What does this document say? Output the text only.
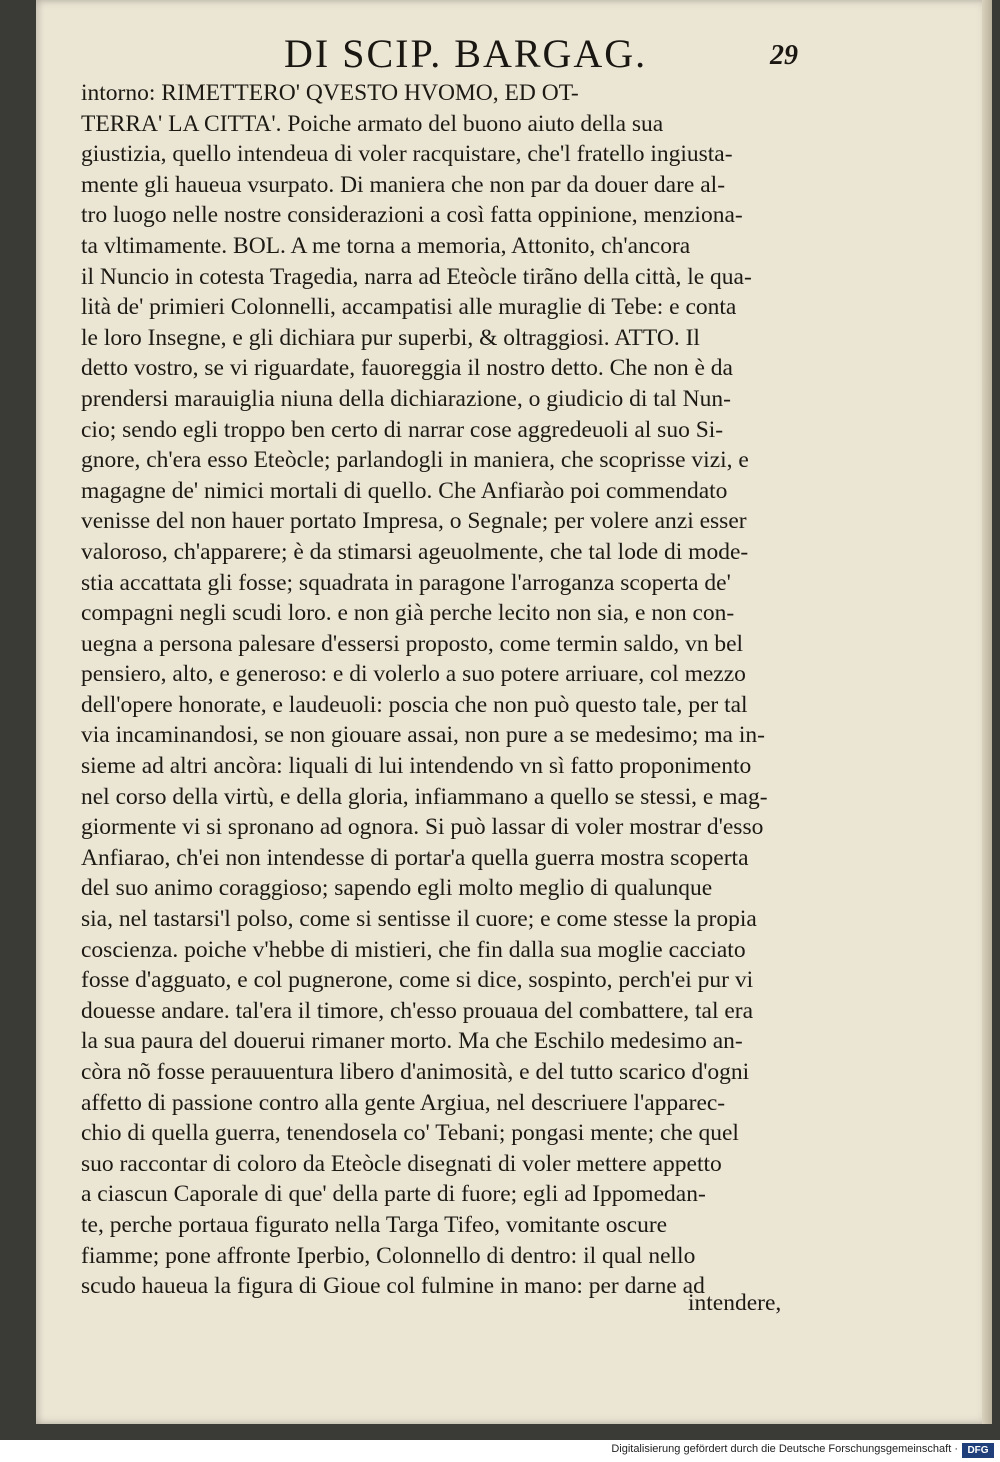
DI SCIP. BARGAG.	29
intorno: RIMETTERO' QVESTO HVOMO, ED OT-
TERRA' LA CITTA'. Poiche armato del buono aiuto della sua
giustizia, quello intendeua di voler racquistare, che'l fratello ingiusta-
mente gli haueua vsurpato. Di maniera che non par da douer dare al-
tro luogo nelle nostre considerazioni a così fatta oppinione, menziona-
ta vltimamente. BOL. A me torna a memoria, Attonito, ch'ancora
il Nuncio in cotesta Tragedia, narra ad Eteòcle tirãno della città, le qua-
lità de' primieri Colonnelli, accampatisi alle muraglie di Tebe: e conta
le loro Insegne, e gli dichiara pur superbi, & oltraggiosi. ATTO. Il
detto vostro, se vi riguardate, fauoreggia il nostro detto. Che non è da
prendersi marauiglia niuna della dichiarazione, o giudicio di tal Nun-
cio; sendo egli troppo ben certo di narrar cose aggredeuoli al suo Si-
gnore, ch'era esso Eteòcle; parlandogli in maniera, che scoprisse vizi, e
magagne de' nimici mortali di quello. Che Anfiarào poi commendato
venisse del non hauer portato Impresa, o Segnale; per volere anzi esser
valoroso, ch'apparere; è da stimarsi ageuolmente, che tal lode di mode-
stia accattata gli fosse; squadrata in paragone l'arroganza scoperta de'
compagni negli scudi loro. e non già perche lecito non sia, e non con-
uegna a persona palesare d'essersi proposto, come termin saldo, vn bel
pensiero, alto, e generoso: e di volerlo a suo potere arriuare, col mezzo
dell'opere honorate, e laudeuoli: poscia che non può questo tale, per tal
via incaminandosi, se non giouare assai, non pure a se medesimo; ma in-
sieme ad altri ancòra: liquali di lui intendendo vn sì fatto proponimento
nel corso della virtù, e della gloria, infiammano a quello se stessi, e mag-
giormente vi si spronano ad ognora. Si può lassar di voler mostrar d'esso
Anfiarao, ch'ei non intendesse di portar'a quella guerra mostra scoperta
del suo animo coraggioso; sapendo egli molto meglio di qualunque
sia, nel tastarsi'l polso, come si sentisse il cuore; e come stesse la propia
coscienza. poiche v'hebbe di mistieri, che fin dalla sua moglie cacciato
fosse d'agguato, e col pugnerone, come si dice, sospinto, perch'ei pur vi
douesse andare. tal'era il timore, ch'esso prouaua del combattere, tal era
la sua paura del douerui rimaner morto. Ma che Eschilo medesimo an-
còra nõ fosse perauuentura libero d'animosità, e del tutto scarico d'ogni
affetto di passione contro alla gente Argiua, nel descriuere l'apparec-
chio di quella guerra, tenendosela co' Tebani; pongasi mente; che quel
suo raccontar di coloro da Eteòcle disegnati di voler mettere appetto
a ciascun Caporale di que' della parte di fuore; egli ad Ippomedan-
te, perche portaua figurato nella Targa Tifeo, vomitante oscure
fiamme; pone affronte Iperbio, Colonnello di dentro: il qual nello
scudo haueua la figura di Gioue col fulmine in mano: per darne ad
intendere,
Digitalisierung gefördert durch die Deutsche Forschungsgemeinschaft · DFG
